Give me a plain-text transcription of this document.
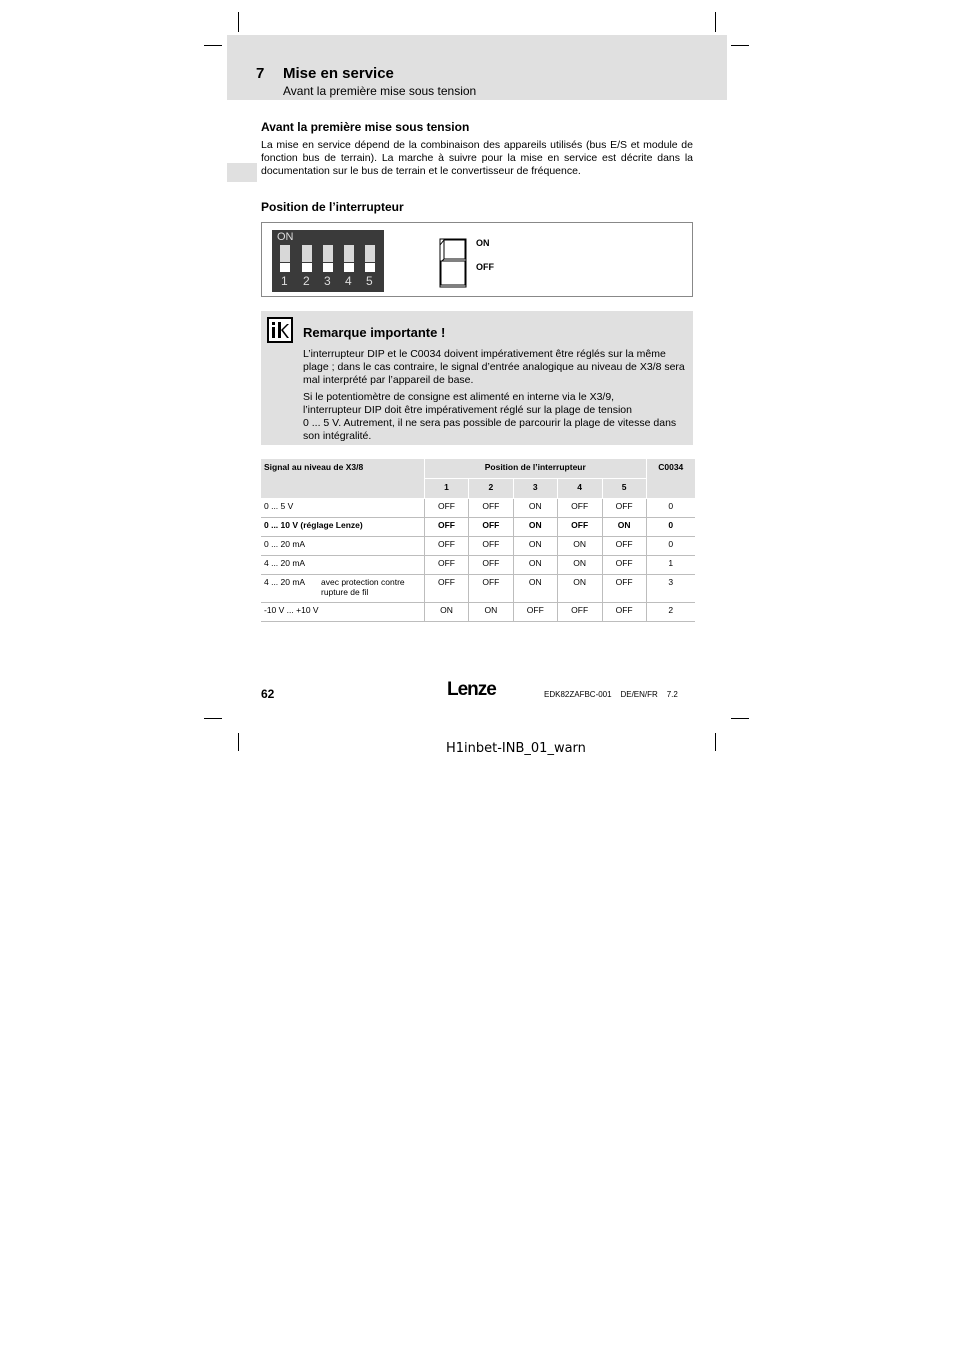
7 Mise en service
Avant la première mise sous tension
Avant la première mise sous tension
La mise en service dépend de la combinaison des appareils utilisés (bus E/S et module de fonction bus de terrain). La marche à suivre pour la mise en service est décrite dans la documentation sur le bus de terrain et le convertisseur de fréquence.
Position de l’interrupteur
ON
1 2 3 4 5
ON
OFF
Remarque importante !
L’interrupteur DIP et le C0034 doivent impérativement être réglés sur la même plage ; dans le cas contraire, le signal d’entrée analogique au niveau de X3/8 sera mal interprété par l’appareil de base.
Si le potentiomètre de consigne est alimenté en interne via le X3/9,
l’interrupteur DIP doit être impérativement réglé sur la plage de tension
0 ... 5 V. Autrement, il ne sera pas possible de parcourir la plage de vitesse dans
son intégralité.
Signal au niveau de X3/8	Position de l’interrupteur					C0034
	1	2	3	4	5	
0 ... 5 V	OFF	OFF	ON	OFF	OFF	0
0 ... 10 V (réglage Lenze)	OFF	OFF	ON	OFF	ON	0
0 ... 20 mA	OFF	OFF	ON	ON	OFF	0
4 ... 20 mA	OFF	OFF	ON	ON	OFF	1

4 ... 20 mA avec protection contre rupture de fil	OFF	OFF	ON	ON	OFF	3
-10 V ... +10 V	ON	ON	OFF	OFF	OFF	2
62	Lenze	EDK82ZAFBC-001    DE/EN/FR    7.2
H1inbet-INB_01_warn
